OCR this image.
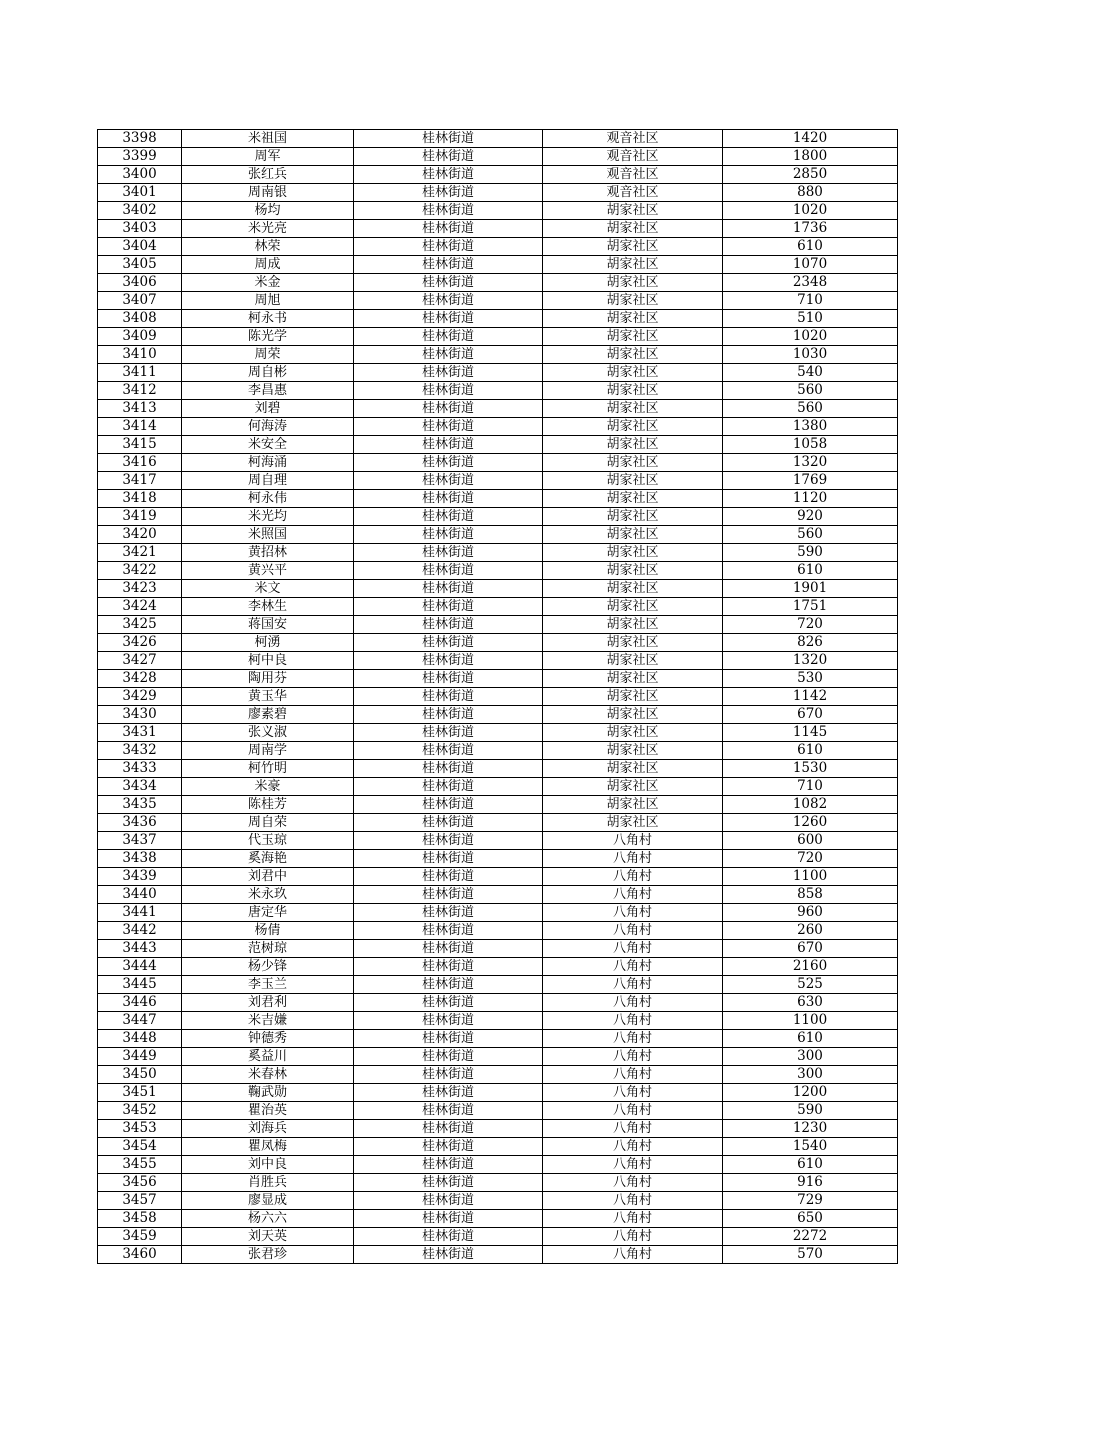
3398	米祖国	桂林街道	观音社区	1420
3399	周军	桂林街道	观音社区	1800
3400	张红兵	桂林街道	观音社区	2850
3401	周南银	桂林街道	观音社区	880
3402	杨均	桂林街道	胡家社区	1020
3403	米光亮	桂林街道	胡家社区	1736
3404	林荣	桂林街道	胡家社区	610
3405	周成	桂林街道	胡家社区	1070
3406	米金	桂林街道	胡家社区	2348
3407	周旭	桂林街道	胡家社区	710
3408	柯永书	桂林街道	胡家社区	510
3409	陈光学	桂林街道	胡家社区	1020
3410	周荣	桂林街道	胡家社区	1030
3411	周自彬	桂林街道	胡家社区	540
3412	李昌惠	桂林街道	胡家社区	560
3413	刘碧	桂林街道	胡家社区	560
3414	何海涛	桂林街道	胡家社区	1380
3415	米安全	桂林街道	胡家社区	1058
3416	柯海涌	桂林街道	胡家社区	1320
3417	周自理	桂林街道	胡家社区	1769
3418	柯永伟	桂林街道	胡家社区	1120
3419	米光均	桂林街道	胡家社区	920
3420	米照国	桂林街道	胡家社区	560
3421	黄招林	桂林街道	胡家社区	590
3422	黄兴平	桂林街道	胡家社区	610
3423	米文	桂林街道	胡家社区	1901
3424	李林生	桂林街道	胡家社区	1751
3425	蒋国安	桂林街道	胡家社区	720
3426	柯湧	桂林街道	胡家社区	826
3427	柯中良	桂林街道	胡家社区	1320
3428	陶用芬	桂林街道	胡家社区	530
3429	黄玉华	桂林街道	胡家社区	1142
3430	廖素碧	桂林街道	胡家社区	670
3431	张义淑	桂林街道	胡家社区	1145
3432	周南学	桂林街道	胡家社区	610
3433	柯竹明	桂林街道	胡家社区	1530
3434	米豪	桂林街道	胡家社区	710
3435	陈桂芳	桂林街道	胡家社区	1082
3436	周自荣	桂林街道	胡家社区	1260
3437	代玉琼	桂林街道	八角村	600
3438	奚海艳	桂林街道	八角村	720
3439	刘君中	桂林街道	八角村	1100
3440	米永玖	桂林街道	八角村	858
3441	唐定华	桂林街道	八角村	960
3442	杨倩	桂林街道	八角村	260
3443	范树琼	桂林街道	八角村	670
3444	杨少锋	桂林街道	八角村	2160
3445	李玉兰	桂林街道	八角村	525
3446	刘君利	桂林街道	八角村	630
3447	米吉嫌	桂林街道	八角村	1100
3448	钟德秀	桂林街道	八角村	610
3449	奚益川	桂林街道	八角村	300
3450	米春林	桂林街道	八角村	300
3451	鞠武勋	桂林街道	八角村	1200
3452	瞿治英	桂林街道	八角村	590
3453	刘海兵	桂林街道	八角村	1230
3454	瞿凤梅	桂林街道	八角村	1540
3455	刘中良	桂林街道	八角村	610
3456	肖胜兵	桂林街道	八角村	916
3457	廖显成	桂林街道	八角村	729
3458	杨六六	桂林街道	八角村	650
3459	刘天英	桂林街道	八角村	2272
3460	张君珍	桂林街道	八角村	570
